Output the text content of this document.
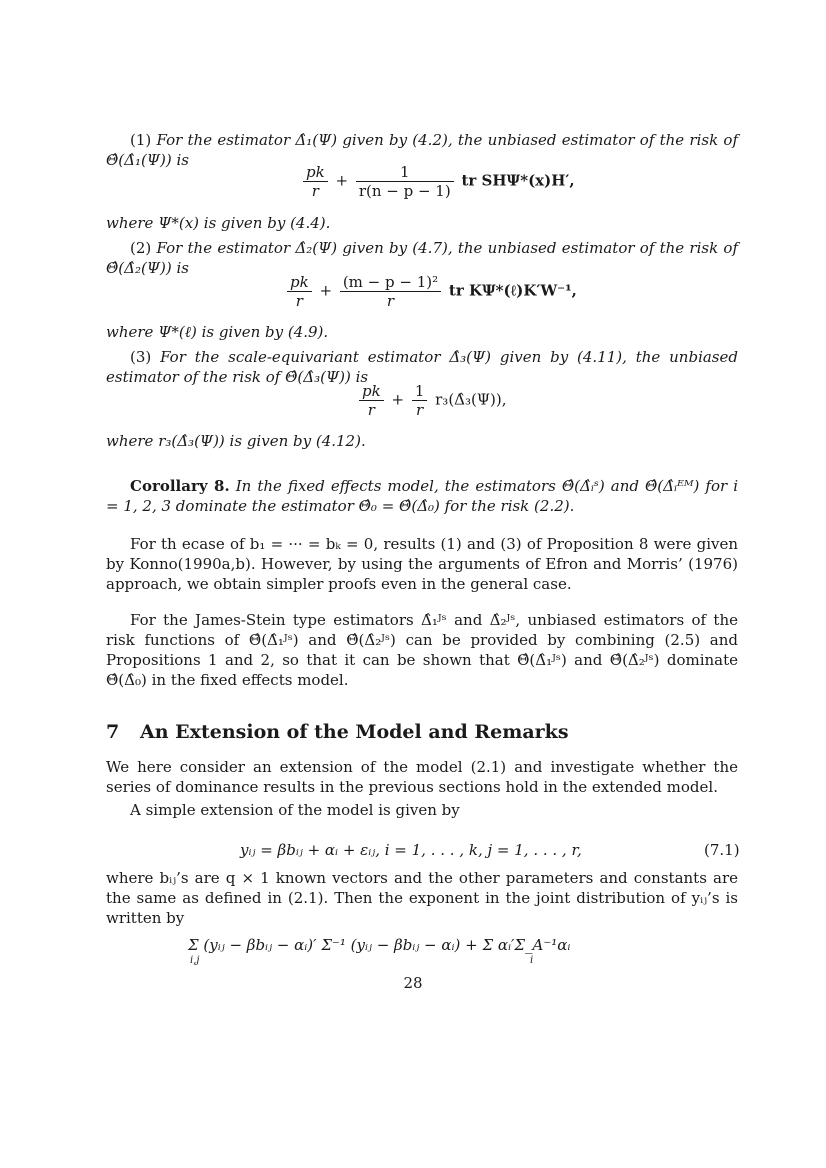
(1) For the estimator Δ̂₁(Ψ) given by (4.2), the unbiased estimator of the risk of Θ̂(Δ̂₁(Ψ)) is
$\frac{pk}{r} + \frac{1}{r(n - p - 1)}$ tr SHΨ*(x)H′,
where Ψ*(x) is given by (4.4).
(2) For the estimator Δ̂₂(Ψ) given by (4.7), the unbiased estimator of the risk of Θ̂(Δ̂₂(Ψ)) is
$\frac{pk}{r} + \frac{\text{(m − p − 1)²}}{r}$ tr KΨ*(ℓ)K′W⁻¹,
where Ψ*(ℓ) is given by (4.9).
(3) For the scale-equivariant estimator Δ̂₃(Ψ) given by (4.11), the unbiased estimator of the risk of Θ̂(Δ̂₃(Ψ)) is
$\frac{pk}{r} + \frac{1}{r}$ r₃(Δ̂₃(Ψ)),
where r₃(Δ̂₃(Ψ)) is given by (4.12).
Corollary 8. In the fixed effects model, the estimators Θ̂(Δ̂ᵢˢ) and Θ̂(Δ̂ᵢᴱᴹ) for i = 1, 2, 3 dominate the estimator Θ̂₀ = Θ̂(Δ̂₀) for the risk (2.2).
For th ecase of b₁ = ··· = bₖ = 0, results (1) and (3) of Proposition 8 were given by Konno(1990a,b). However, by using the arguments of Efron and Morris’ (1976) approach, we obtain simpler proofs even in the general case.
For the James-Stein type estimators Δ̂₁ᴶˢ and Δ̂₂ᴶˢ, unbiased estimators of the risk functions of Θ̂(Δ̂₁ᴶˢ) and Θ̂(Δ̂₂ᴶˢ) can be provided by combining (2.5) and Propositions 1 and 2, so that it can be shown that Θ̂(Δ̂₁ᴶˢ) and Θ̂(Δ̂₂ᴶˢ) dominate Θ̂(Δ̂₀) in the fixed effects model.
7 An Extension of the Model and Remarks
We here consider an extension of the model (2.1) and investigate whether the series of dominance results in the previous sections hold in the extended model.
A simple extension of the model is given by
yᵢⱼ = βbᵢⱼ + αᵢ + εᵢⱼ, i = 1, . . . , k, j = 1, . . . , r,	(7.1)
where bᵢⱼ’s are q × 1 known vectors and the other parameters and constants are the same as defined in (2.1). Then the exponent in the joint distribution of yᵢⱼ’s is written by
Σ (yᵢⱼ − βbᵢⱼ − αᵢ)′ Σ⁻¹ (yᵢⱼ − βbᵢⱼ − αᵢ) + Σ αᵢ′Σ_A⁻¹αᵢ
i,j	i
28
